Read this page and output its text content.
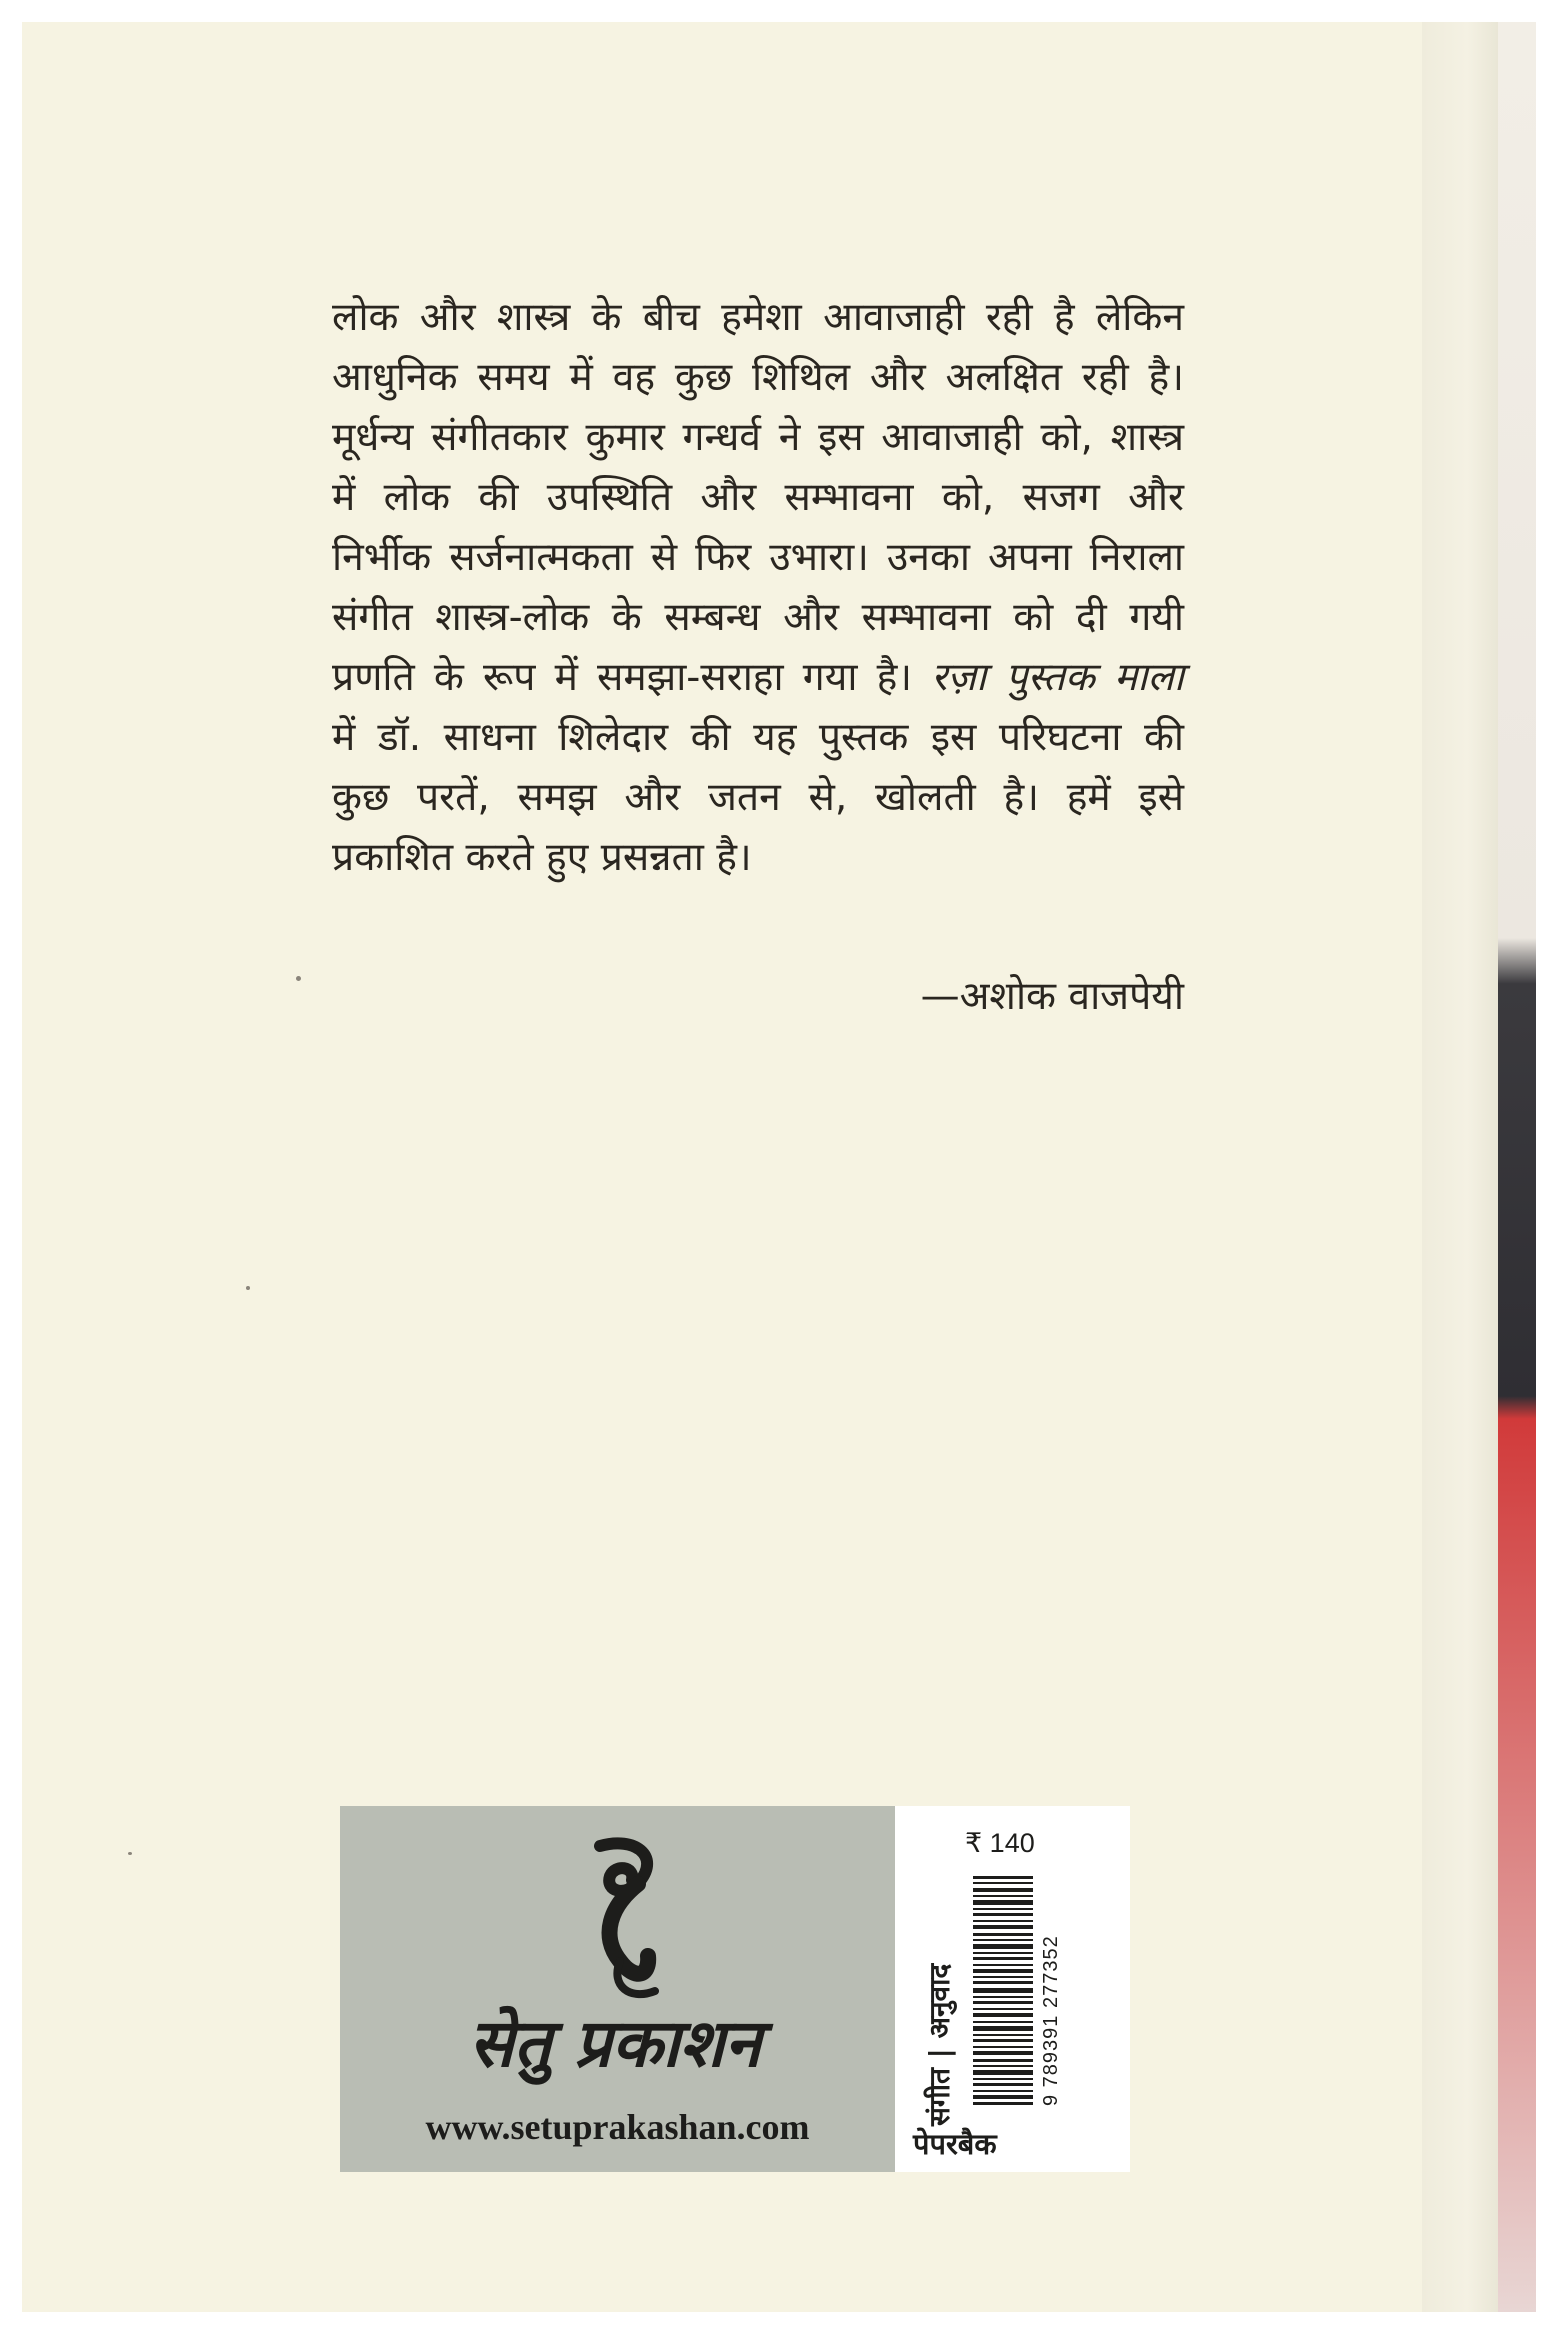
लोक और शास्त्र के बीच हमेशा आवाजाही रही है लेकिन
आधुनिक समय में वह कुछ शिथिल और अलक्षित रही है।
मूर्धन्य संगीतकार कुमार गन्धर्व ने इस आवाजाही को, शास्त्र
में लोक की उपस्थिति और सम्भावना को, सजग और
निर्भीक सर्जनात्मकता से फिर उभारा। उनका अपना निराला
संगीत शास्त्र-लोक के सम्बन्ध और सम्भावना को दी गयी
प्रणति के रूप में समझा-सराहा गया है। रज़ा पुस्तक माला
में डॉ. साधना शिलेदार की यह पुस्तक इस परिघटना की
कुछ परतें, समझ और जतन से, खोलती है। हमें इसे
प्रकाशित करते हुए प्रसन्नता है।
—अशोक वाजपेयी
सेतु प्रकाशन
www.setuprakashan.com
₹ 140
संगीत | अनुवाद	9 789391 277352
पेपरबैक
